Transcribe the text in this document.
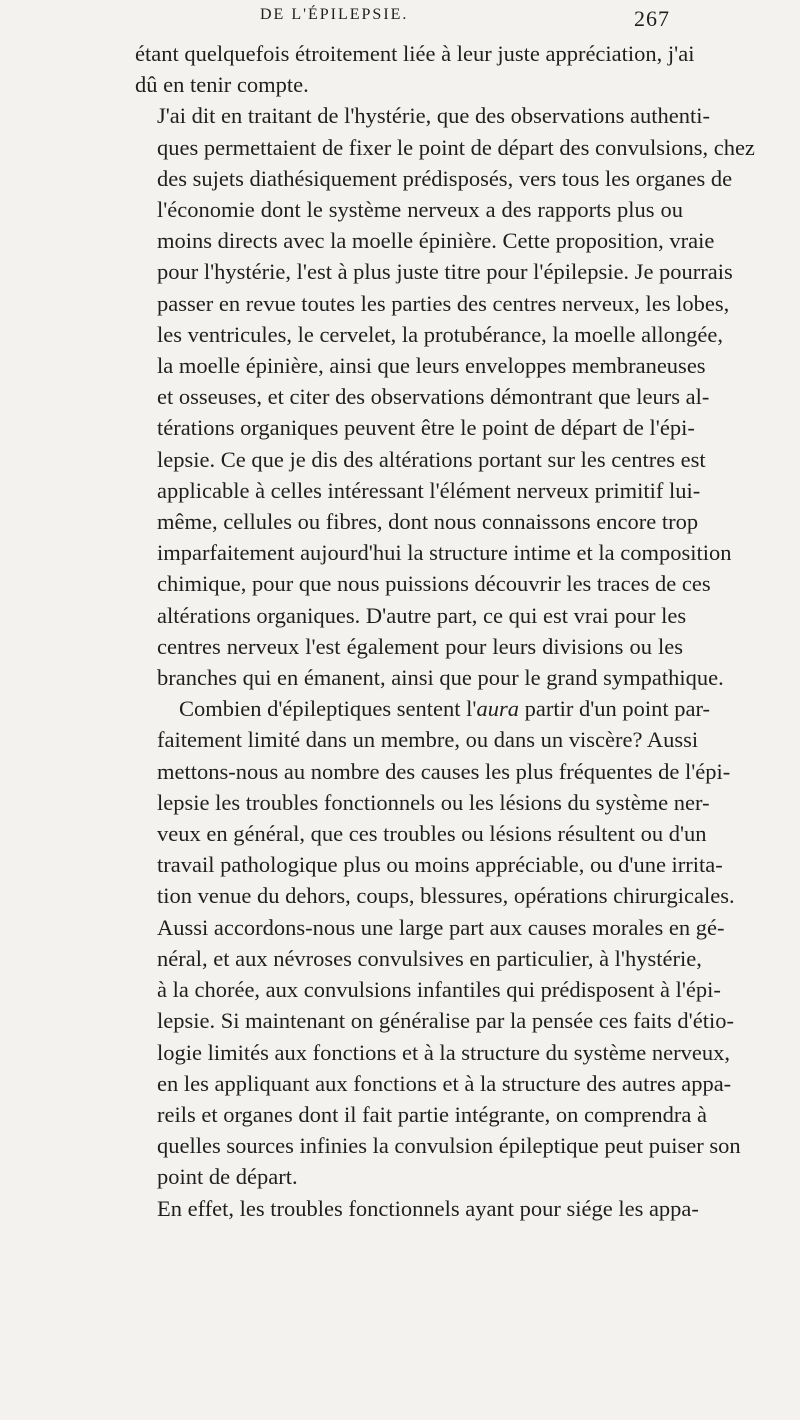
DE L'ÉPILEPSIE.	267

étant quelquefois étroitement liée à leur juste appréciation, j'ai
dû en tenir compte.

J'ai dit en traitant de l'hystérie, que des observations authenti-
ques permettaient de fixer le point de départ des convulsions, chez
des sujets diathésiquement prédisposés, vers tous les organes de
l'économie dont le système nerveux a des rapports plus ou
moins directs avec la moelle épinière. Cette proposition, vraie
pour l'hystérie, l'est à plus juste titre pour l'épilepsie. Je pourrais
passer en revue toutes les parties des centres nerveux, les lobes,
les ventricules, le cervelet, la protubérance, la moelle allongée,
la moelle épinière, ainsi que leurs enveloppes membraneuses
et osseuses, et citer des observations démontrant que leurs al-
térations organiques peuvent être le point de départ de l'épi-
lepsie. Ce que je dis des altérations portant sur les centres est
applicable à celles intéressant l'élément nerveux primitif lui-
même, cellules ou fibres, dont nous connaissons encore trop
imparfaitement aujourd'hui la structure intime et la composition
chimique, pour que nous puissions découvrir les traces de ces
altérations organiques. D'autre part, ce qui est vrai pour les
centres nerveux l'est également pour leurs divisions ou les
branches qui en émanent, ainsi que pour le grand sympathique.
Combien d'épileptiques sentent l'aura partir d'un point par-
faitement limité dans un membre, ou dans un viscère? Aussi
mettons-nous au nombre des causes les plus fréquentes de l'épi-
lepsie les troubles fonctionnels ou les lésions du système ner-
veux en général, que ces troubles ou lésions résultent ou d'un
travail pathologique plus ou moins appréciable, ou d'une irrita-
tion venue du dehors, coups, blessures, opérations chirurgicales.
Aussi accordons-nous une large part aux causes morales en gé-
néral, et aux névroses convulsives en particulier, à l'hystérie,
à la chorée, aux convulsions infantiles qui prédisposent à l'épi-
lepsie. Si maintenant on généralise par la pensée ces faits d'étio-
logie limités aux fonctions et à la structure du système nerveux,
en les appliquant aux fonctions et à la structure des autres appa-
reils et organes dont il fait partie intégrante, on comprendra à
quelles sources infinies la convulsion épileptique peut puiser son
point de départ.

En effet, les troubles fonctionnels ayant pour siége les appa-
